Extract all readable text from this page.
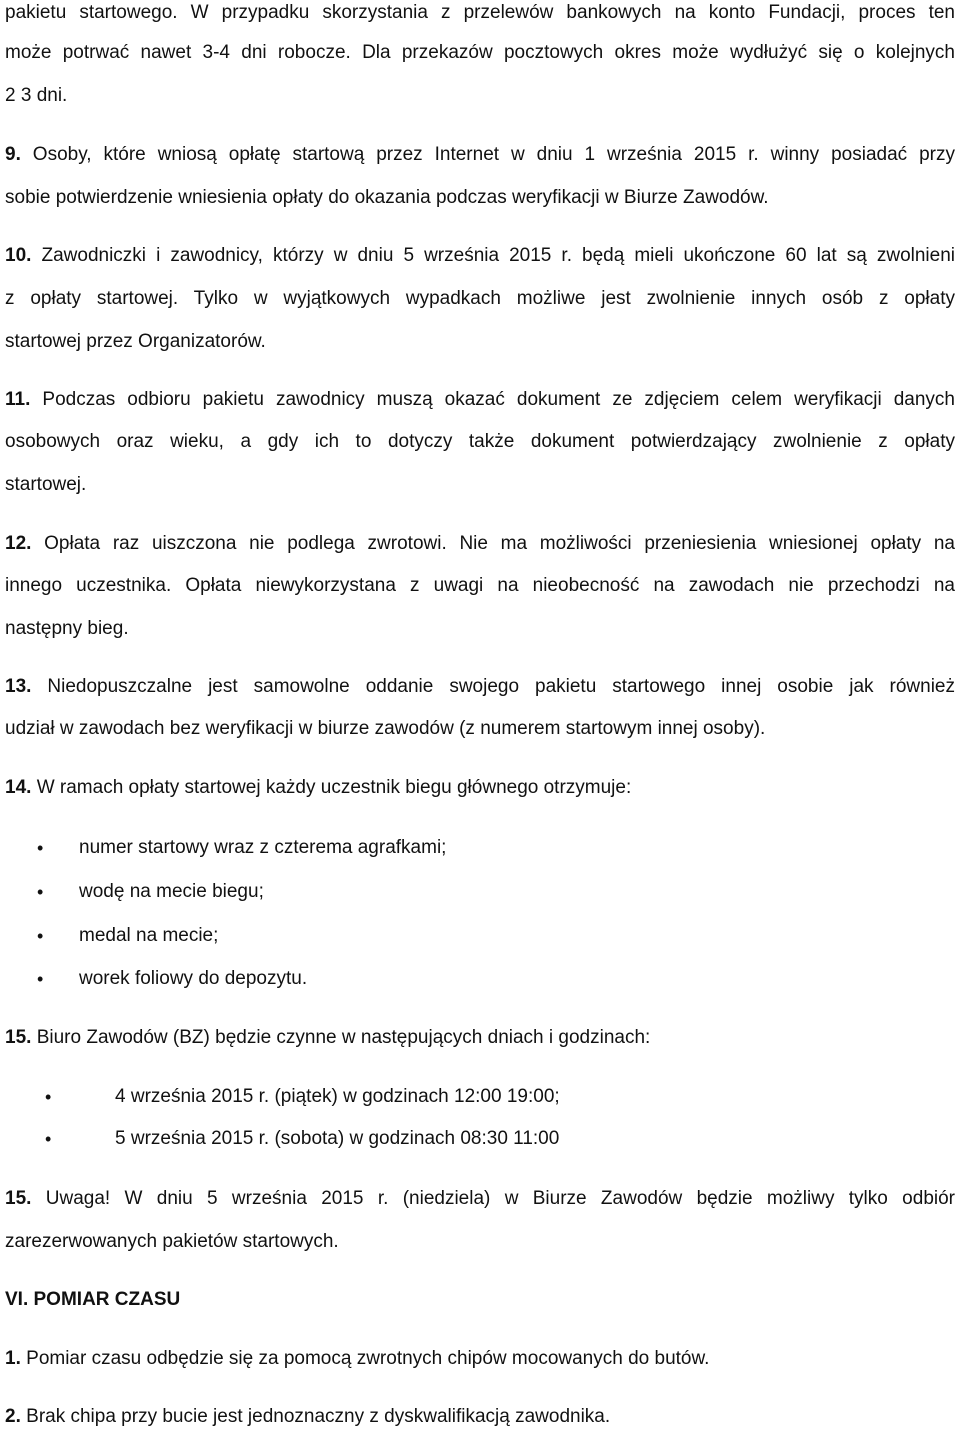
pakietu startowego. W przypadku skorzystania z przelewów bankowych na konto Fundacji, proces ten
może potrwać nawet 3-4 dni robocze. Dla przekazów pocztowych okres może wydłużyć się o kolejnych
2 3 dni.
9. Osoby, które wniosą opłatę startową przez Internet w dniu 1 września 2015 r. winny posiadać przy
sobie potwierdzenie wniesienia opłaty do okazania podczas weryfikacji w Biurze Zawodów.
10. Zawodniczki i zawodnicy, którzy w dniu 5 września 2015 r. będą mieli ukończone 60 lat są zwolnieni
z opłaty startowej. Tylko w wyjątkowych wypadkach możliwe jest zwolnienie innych osób z opłaty
startowej przez Organizatorów.
11. Podczas odbioru pakietu zawodnicy muszą okazać dokument ze zdjęciem celem weryfikacji danych
osobowych oraz wieku, a gdy ich to dotyczy także dokument potwierdzający zwolnienie z opłaty
startowej.
12. Opłata raz uiszczona nie podlega zwrotowi. Nie ma możliwości przeniesienia wniesionej opłaty na
innego uczestnika. Opłata niewykorzystana z uwagi na nieobecność na zawodach nie przechodzi na
następny bieg.
13. Niedopuszczalne jest samowolne oddanie swojego pakietu startowego innej osobie jak również
udział w zawodach bez weryfikacji w biurze zawodów (z numerem startowym innej osoby).
14. W ramach opłaty startowej każdy uczestnik biegu głównego otrzymuje:
• numer startowy wraz z czterema agrafkami;
• wodę na mecie biegu;
• medal na mecie;
• worek foliowy do depozytu.
15. Biuro Zawodów (BZ) będzie czynne w następujących dniach i godzinach:
•	4 września 2015 r. (piątek) w godzinach 12:00 19:00;
•	5 września 2015 r. (sobota) w godzinach 08:30 11:00
15. Uwaga! W dniu 5 września 2015 r. (niedziela) w Biurze Zawodów będzie możliwy tylko odbiór
zarezerwowanych pakietów startowych.
VI. POMIAR CZASU
1. Pomiar czasu odbędzie się za pomocą zwrotnych chipów mocowanych do butów.
2. Brak chipa przy bucie jest jednoznaczny z dyskwalifikacją zawodnika.
